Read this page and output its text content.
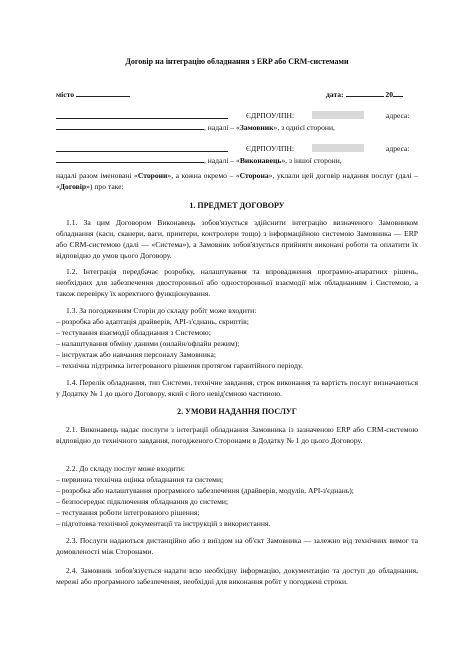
Договір на інтеграцію обладнання з ERP або CRM-системами
місто	дата:	20
ЄДРПОУ/ІПН:	адреса:
, надалі – «Замовник», з однієї сторони,
ЄДРПОУ/ІПН:	адреса:
, надалі – «Виконавець», з іншої сторони,

надалі разом іменовані «Сторони», а кожна окремо – «Сторона», уклали цей договір надання послуг (далі – «Договір») про таке:

1. ПРЕДМЕТ ДОГОВОРУ

1.1. За цим Договором Виконавець зобов'язується здійснити інтеграцію визначеного Замовником обладнання (каси, сканери, ваги, принтери, контролери тощо) з інформаційною системою Замовника — ERP або CRM-системою (далі — «Система»), а Замовник зобов'язується прийняти виконані роботи та оплатити їх відповідно до умов цього Договору.

1.2. Інтеграція передбачає розробку, налаштування та впровадження програмно-апаратних рішень, необхідних для забезпечення двосторонньої або односторонньої взаємодії між обладнанням і Системою, а також перевірку їх коректного функціонування.

1.3. За погодженням Сторін до складу робіт може входити:

– розробка або адаптація драйверів, API-з'єднань, скриптів;
– тестування взаємодії обладнання з Системою;
– налаштування обміну даними (онлайн/офлайн режим);
– інструктаж або навчання персоналу Замовника;
– технічна підтримка інтегрованого рішення протягом гарантійного періоду.

1.4. Перелік обладнання, тип Системи, технічне завдання, строк виконання та вартість послуг визначаються у Додатку № 1 до цього Договору, який є його невід'ємною частиною.

2. УМОВИ НАДАННЯ ПОСЛУГ

2.1. Виконавець надає послуги з інтеграції обладнання Замовника із зазначеною ERP або CRM-системою відповідно до технічного завдання, погодженого Сторонами в Додатку № 1 до цього Договору.

2.2. До складу послуг може входити:

– первинна технічна оцінка обладнання та системи;
– розробка або налаштування програмного забезпечення (драйверів, модулів, API-з'єднань);
– безпосереднє підключення обладнання до системи;
– тестування роботи інтегрованого рішення;
– підготовка технічної документації та інструкцій з використання.

2.3. Послуги надаються дистанційно або з виїздом на об'єкт Замовника — залежно від технічних вимог та домовленості між Сторонами.

2.4. Замовник зобов'язується надати всю необхідну інформацію, документацію та доступ до обладнання, мережі або програмного забезпечення, необхідні для виконання робіт у погоджені строки.
